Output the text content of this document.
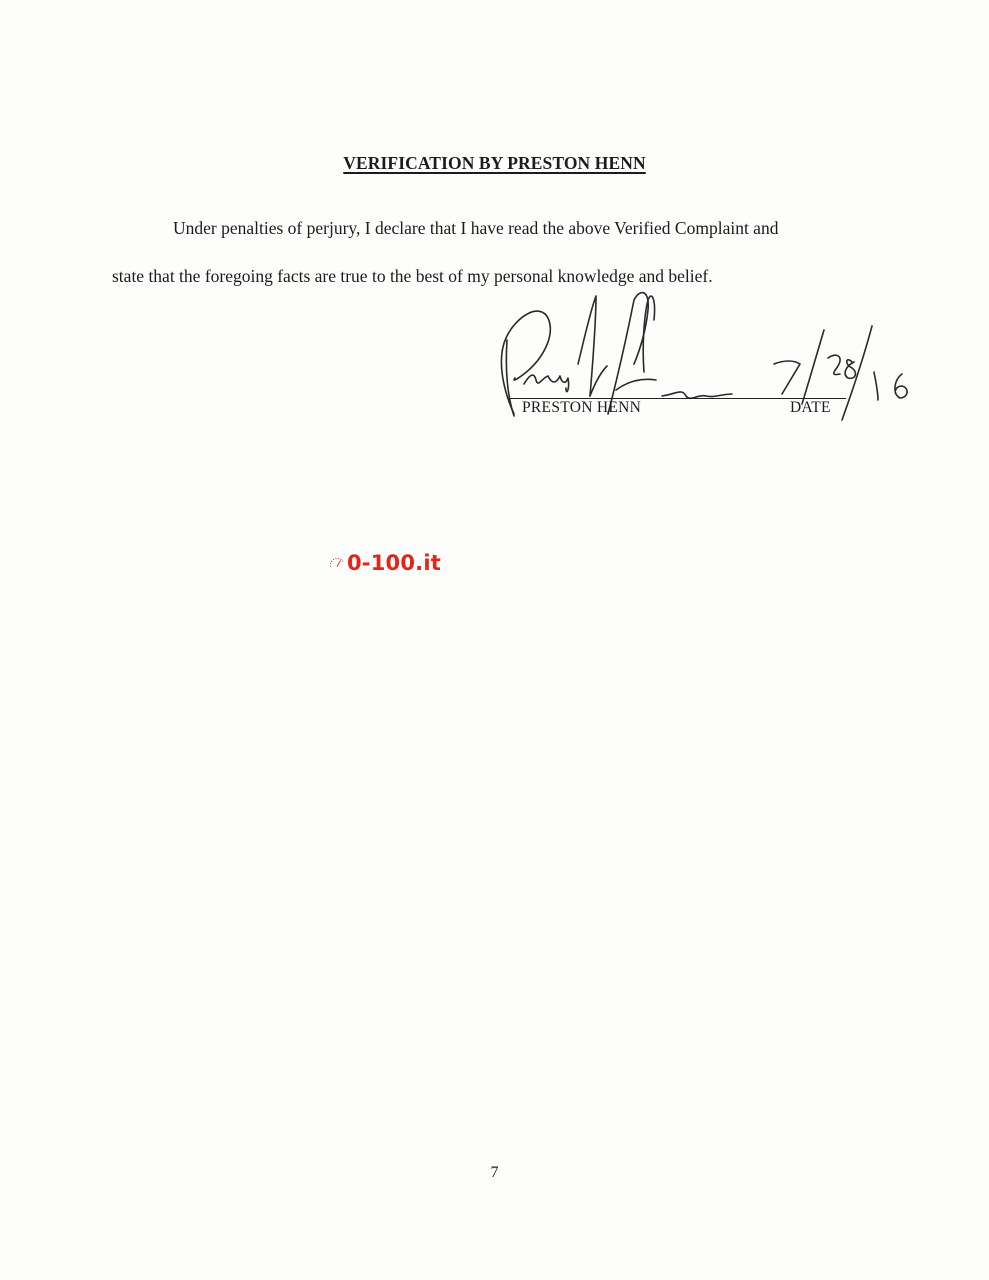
VERIFICATION BY PRESTON HENN
Under penalties of perjury, I declare that I have read the above Verified Complaint and
state that the foregoing facts are true to the best of my personal knowledge and belief.
PRESTON HENN	DATE
0-100.it
7
